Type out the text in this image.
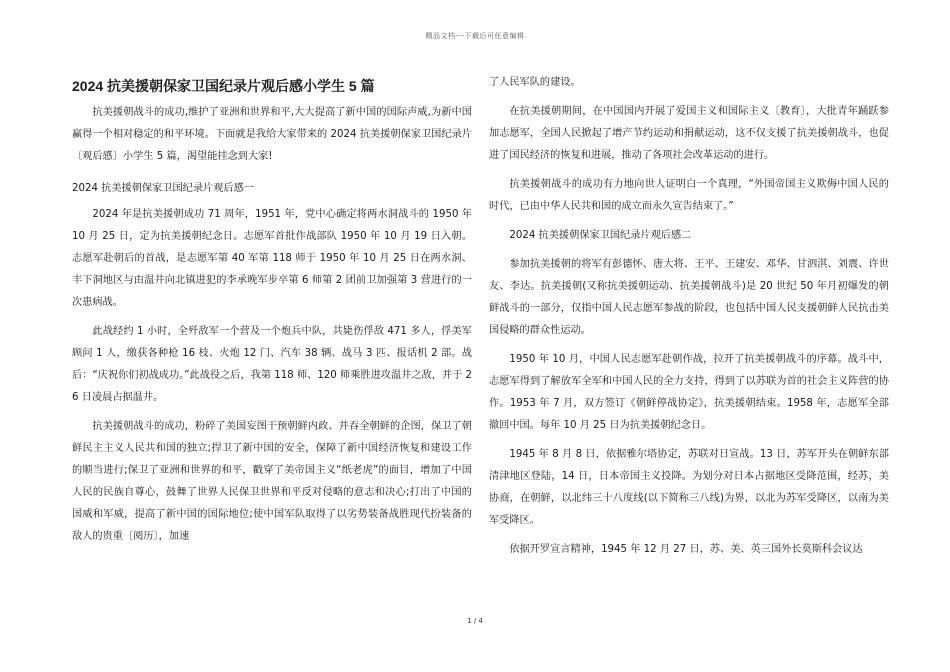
精品文档---下载后可任意编辑
2024 抗美援朝保家卫国纪录片观后感小学生 5 篇

抗美援朝战斗的成功,维护了亚洲和世界和平,大大提高了新中国的国际声威,为新中国赢得一个相对稳定的和平环境。下面就是我给大家带来的 2024 抗美援朝保家卫国纪录片〔观后感〕小学生 5 篇，渴望能挂念到大家!

2024 抗美援朝保家卫国纪录片观后感一

2024 年是抗美援朝成功 71 周年，1951 年，党中心确定将两水洞战斗的 1950 年 10 月 25 日，定为抗美援朝纪念日。志愿军首批作战部队 1950 年 10 月 19 日入朝。志愿军赴朝后的首战，是志愿军第 40 军第 118 师于 1950 年 10 月 25 日在两水洞、丰下洞地区与由温井向北镇进犯的李承晚军步卒第 6 师第 2 团前卫加强第 3 营进行的一次患病战。

此战经约 1 小时，全歼敌军一个营及一个炮兵中队，共毙伤俘敌 471 多人，俘美军顾问 1 人，缴获各种枪 16 枝、火炮 12 门、汽车 38 辆、战马 3 匹、报话机 2 部。战后：“庆祝你们初战成功。”此战役之后，我第 118 师、120 师乘胜进攻温井之敌，并于 26 日凌晨占据温井。

抗美援朝战斗的成功，粉碎了美国妄图干预朝鲜内政、并吞全朝鲜的企图，保卫了朝鲜民主主义人民共和国的独立;捍卫了新中国的安全，保障了新中国经济恢复和建设工作的顺当进行;保卫了亚洲和世界的和平，戳穿了美帝国主义“纸老虎”的面目，增加了中国人民的民族自尊心，鼓舞了世界人民保卫世界和平反对侵略的意志和决心;打出了中国的国威和军威，提高了新中国的国际地位;使中国军队取得了以劣势装备战胜现代扮装备的敌人的贵重〔阅历〕，加速

了人民军队的建设。

在抗美援朝期间，在中国国内开展了爱国主义和国际主义〔教育〕，大批青年踊跃参加志愿军，全国人民掀起了增产节约运动和捐献运动，这不仅支援了抗美援朝战斗，也促进了国民经济的恢复和进展，推动了各项社会改革运动的进行。

抗美援朝战斗的成功有力地向世人证明白一个真理，“外国帝国主义欺侮中国人民的时代，已由中华人民共和国的成立而永久宣告结束了。”

2024 抗美援朝保家卫国纪录片观后感二

参加抗美援朝的将军有彭德怀、唐大将、王平、王建安、邓华、甘泗淇、刘震、许世友、李达。抗美援朝(又称抗美援朝运动、抗美援朝战斗)是 20 世纪 50 年月初爆发的朝鲜战斗的一部分，仅指中国人民志愿军参战的阶段，也包括中国人民支援朝鲜人民抗击美国侵略的群众性运动。

1950 年 10 月，中国人民志愿军赴朝作战，拉开了抗美援朝战斗的序幕。战斗中，志愿军得到了解放军全军和中国人民的全力支持，得到了以苏联为首的社会主义阵营的协作。1953 年 7 月，双方签订《朝鲜停战协定》，抗美援朝结束。1958 年，志愿军全部撤回中国。每年 10 月 25 日为抗美援朝纪念日。

1945 年 8 月 8 日，依据雅尔塔协定，苏联对日宣战。13 日，苏军开头在朝鲜东部清津地区登陆，14 日，日本帝国主义投降。为划分对日本占据地区受降范围，经苏，美协商，在朝鲜，以北纬三十八度线(以下简称三八线)为界，以北为苏军受降区，以南为美军受降区。

依据开罗宣言精神，1945 年 12 月 27 日，苏、美、英三国外长莫斯科会议达

1 / 4
